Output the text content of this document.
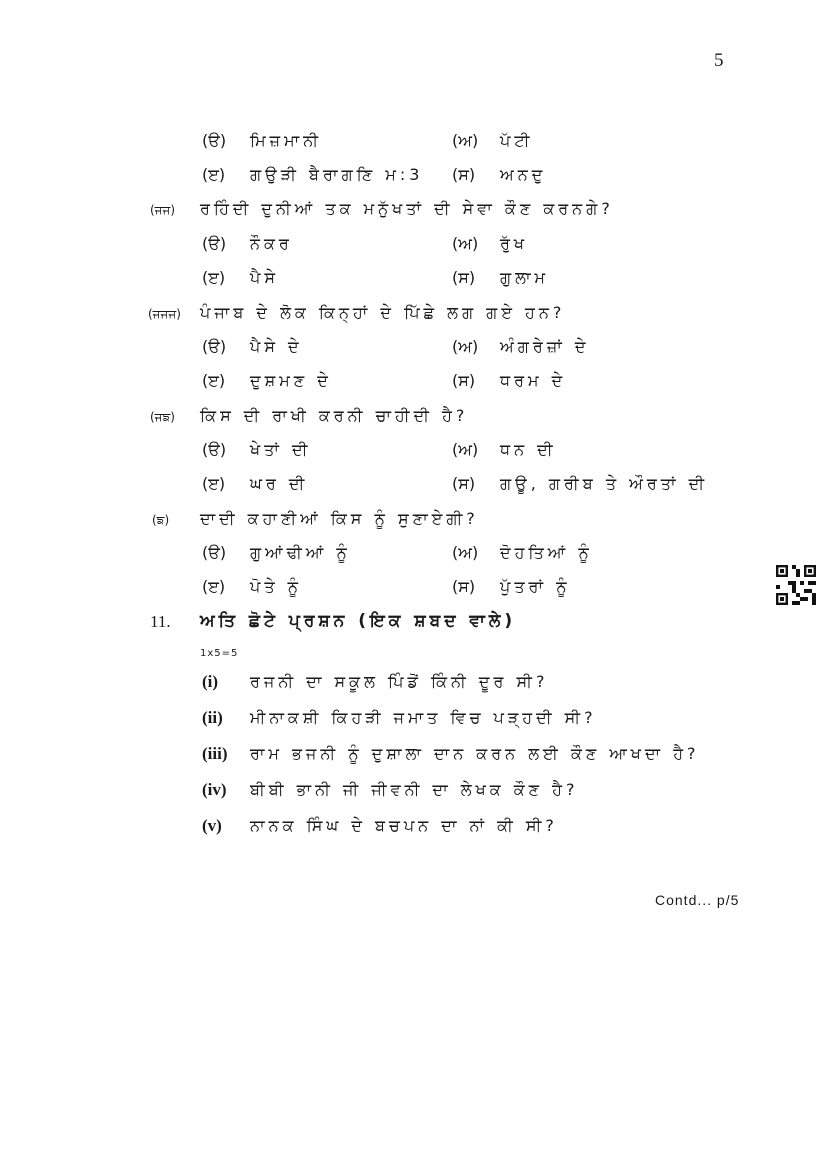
5
(ੳ) ਮਿਜ਼ਮਾਨੀ	(ਅ) ਪੱਟੀ
(ੲ) ਗਉੜੀ ਬੈਰਾਗਣਿ ਮ:3 (ਸ) ਅਨਦੁ
(ਜਜ) ਰਹਿੰਦੀ ਦੁਨੀਆਂ ਤਕ ਮਨੁੱਖਤਾਂ ਦੀ ਸੇਵਾ ਕੌਣ ਕਰਨਗੇ?
(ੳ) ਨੌਕਰ	(ਅ) ਰੁੱਖ
(ੲ) ਪੈਸੇ	(ਸ) ਗੁਲਾਮ
(ਜਜਜ) ਪੰਜਾਬ ਦੇ ਲੋਕ ਕਿਨ੍ਹਾਂ ਦੇ ਪਿੱਛੇ ਲਗ ਗਏ ਹਨ?
(ੳ) ਪੈਸੇ ਦੇ	(ਅ) ਅੰਗਰੇਜ਼ਾਂ ਦੇ
(ੲ) ਦੁਸ਼ਮਣ ਦੇ	(ਸ) ਧਰਮ ਦੇ
(ਜਙ) ਕਿਸ ਦੀ ਰਾਖੀ ਕਰਨੀ ਚਾਹੀਦੀ ਹੈ?
(ੳ) ਖੇਤਾਂ ਦੀ	(ਅ) ਧਨ ਦੀ
(ੲ) ਘਰ ਦੀ	(ਸ) ਗਊ, ਗਰੀਬ ਤੇ ਔਰਤਾਂ ਦੀ
(ਙ) ਦਾਦੀ ਕਹਾਣੀਆਂ ਕਿਸ ਨੂੰ ਸੁਣਾਏਗੀ?
(ੳ) ਗੁਆਂਢੀਆਂ ਨੂੰ	(ਅ) ਦੋਹਤਿਆਂ ਨੂੰ
(ੲ) ਪੋਤੇ ਨੂੰ	(ਸ) ਪੁੱਤਰਾਂ ਨੂੰ
11. ਅਤਿ ਛੋਟੇ ਪ੍ਰਸ਼ਨ (ਇਕ ਸ਼ਬਦ ਵਾਲੇ)
1x5=5
(i) ਰਜਨੀ ਦਾ ਸਕੂਲ ਪਿੰਡੋਂ ਕਿੰਨੀ ਦੂਰ ਸੀ?
(ii) ਮੀਨਾਕਸ਼ੀ ਕਿਹੜੀ ਜਮਾਤ ਵਿਚ ਪੜ੍ਹਦੀ ਸੀ?
(iii) ਰਾਮ ਭਜਨੀ ਨੂੰ ਦੁਸ਼ਾਲਾ ਦਾਨ ਕਰਨ ਲਈ ਕੌਣ ਆਖਦਾ ਹੈ?
(iv) ਬੀਬੀ ਭਾਨੀ ਜੀ ਜੀਵਨੀ ਦਾ ਲੇਖਕ ਕੌਣ ਹੈ?
(v) ਨਾਨਕ ਸਿੰਘ ਦੇ ਬਚਪਨ ਦਾ ਨਾਂ ਕੀ ਸੀ?
Contd... p/5
